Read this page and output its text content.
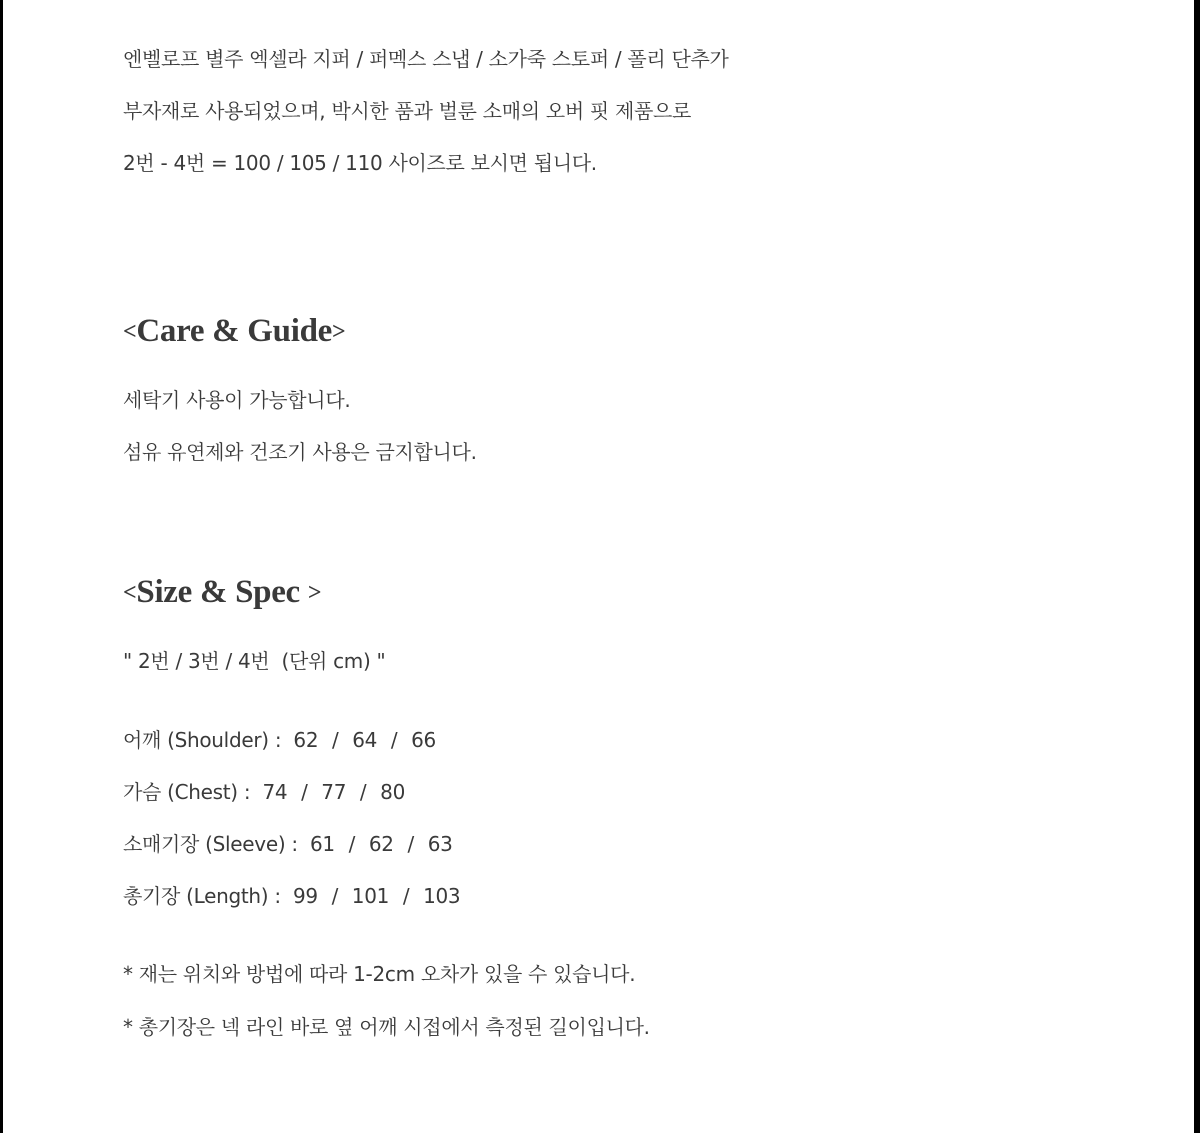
엔벨로프 별주 엑셀라 지퍼 / 퍼멕스 스냅 / 소가죽 스토퍼 / 폴리 단추가

부자재로 사용되었으며, 박시한 품과 벌룬 소매의 오버 핏 제품으로

2번 - 4번 = 100 / 105 / 110 사이즈로 보시면 됩니다.

<Care & Guide>

세탁기 사용이 가능합니다.

섬유 유연제와 건조기 사용은 금지합니다.

<Size & Spec >

" 2번 / 3번 / 4번  (단위 cm) "

어깨 (Shoulder) : 62 / 64 / 66

가슴 (Chest) : 74 / 77 / 80

소매기장 (Sleeve) : 61 / 62 / 63

총기장 (Length) : 99 / 101 / 103

* 재는 위치와 방법에 따라 1-2cm 오차가 있을 수 있습니다.

* 총기장은 넥 라인 바로 옆 어깨 시접에서 측정된 길이입니다.
